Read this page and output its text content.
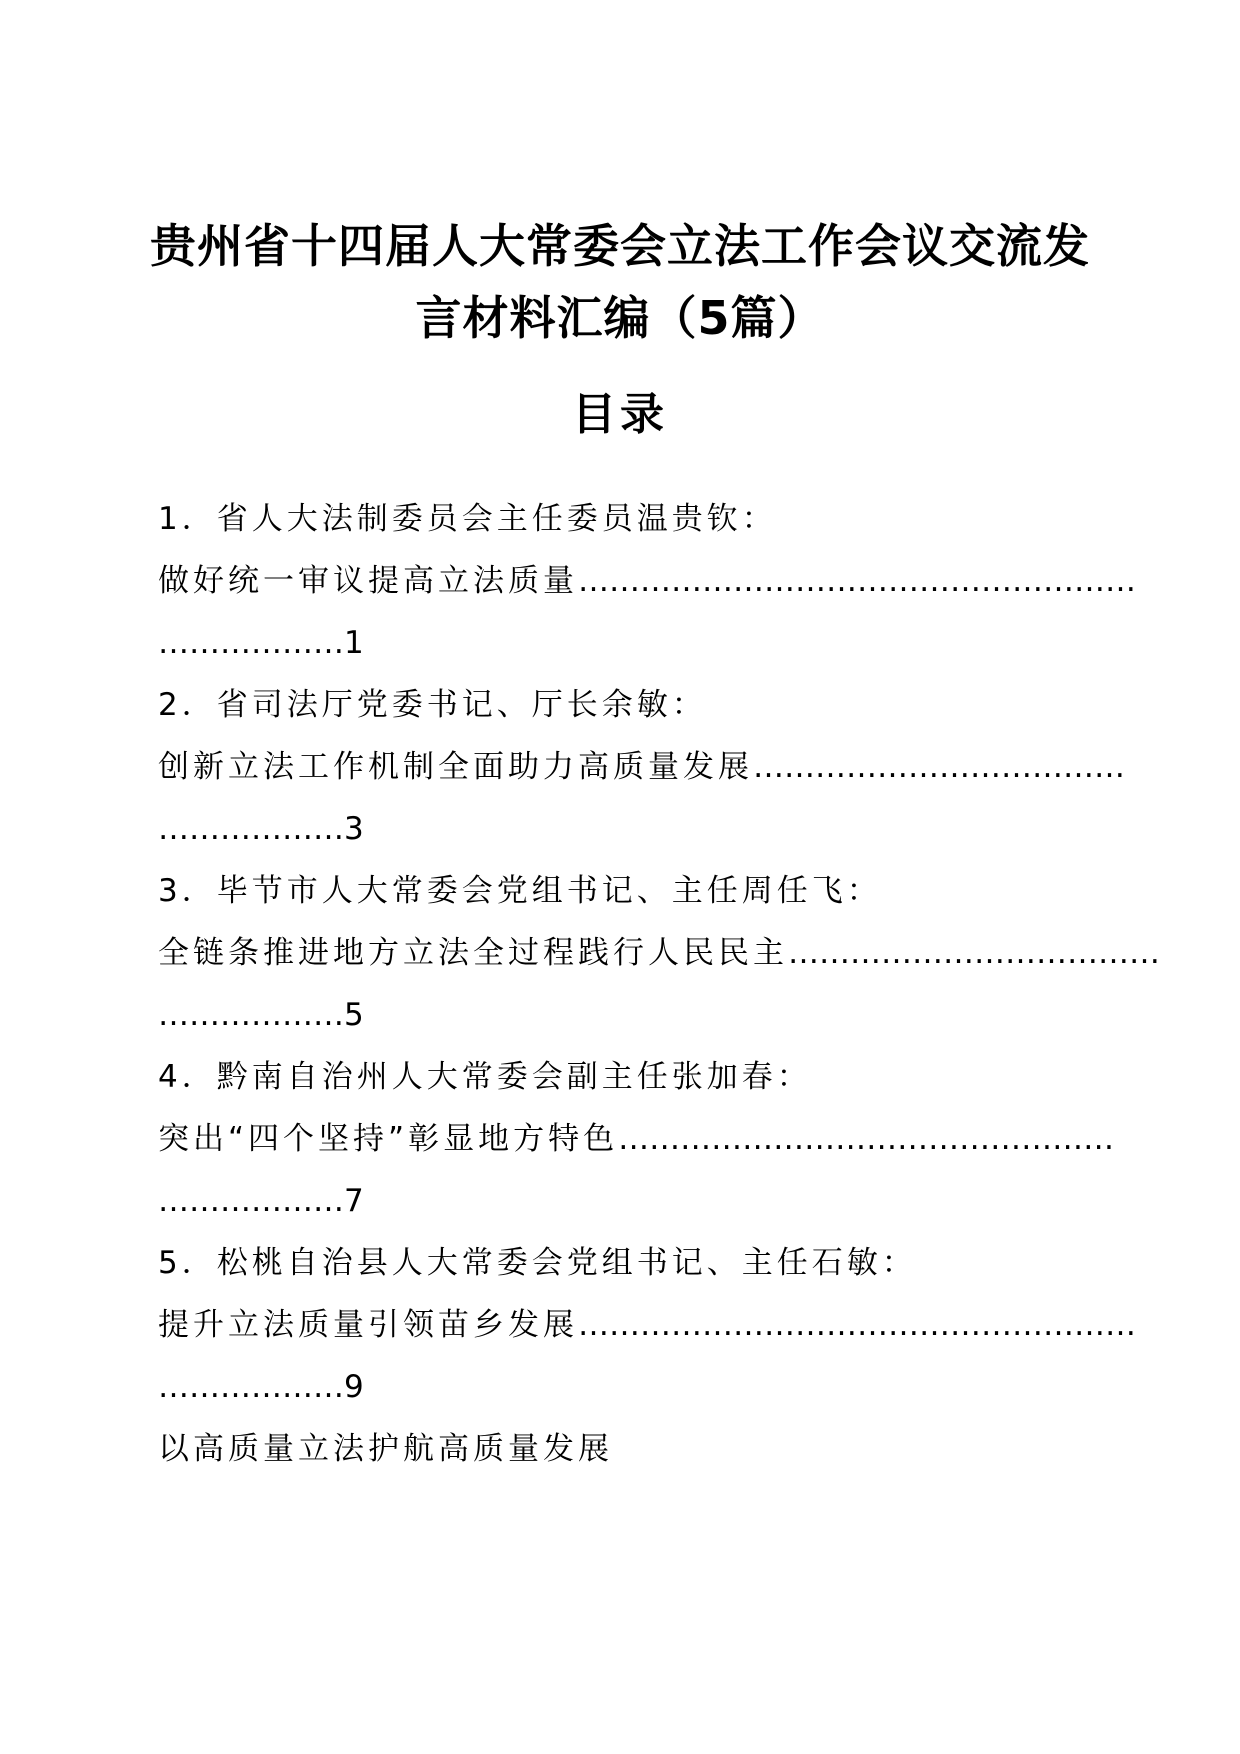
贵州省十四届人大常委会立法工作会议交流发
言材料汇编（5篇）
目录
1．省人大法制委员会主任委员温贵钦：
做好统一审议提高立法质量………………………………………………
………………1
2．省司法厅党委书记、厅长余敏：
创新立法工作机制全面助力高质量发展………………………………
………………3
3．毕节市人大常委会党组书记、主任周任飞：
全链条推进地方立法全过程践行人民民主………………………………
………………5
4．黔南自治州人大常委会副主任张加春：
突出“四个坚持”彰显地方特色…………………………………………
………………7
5．松桃自治县人大常委会党组书记、主任石敏：
提升立法质量引领苗乡发展………………………………………………
………………9
以高质量立法护航高质量发展
